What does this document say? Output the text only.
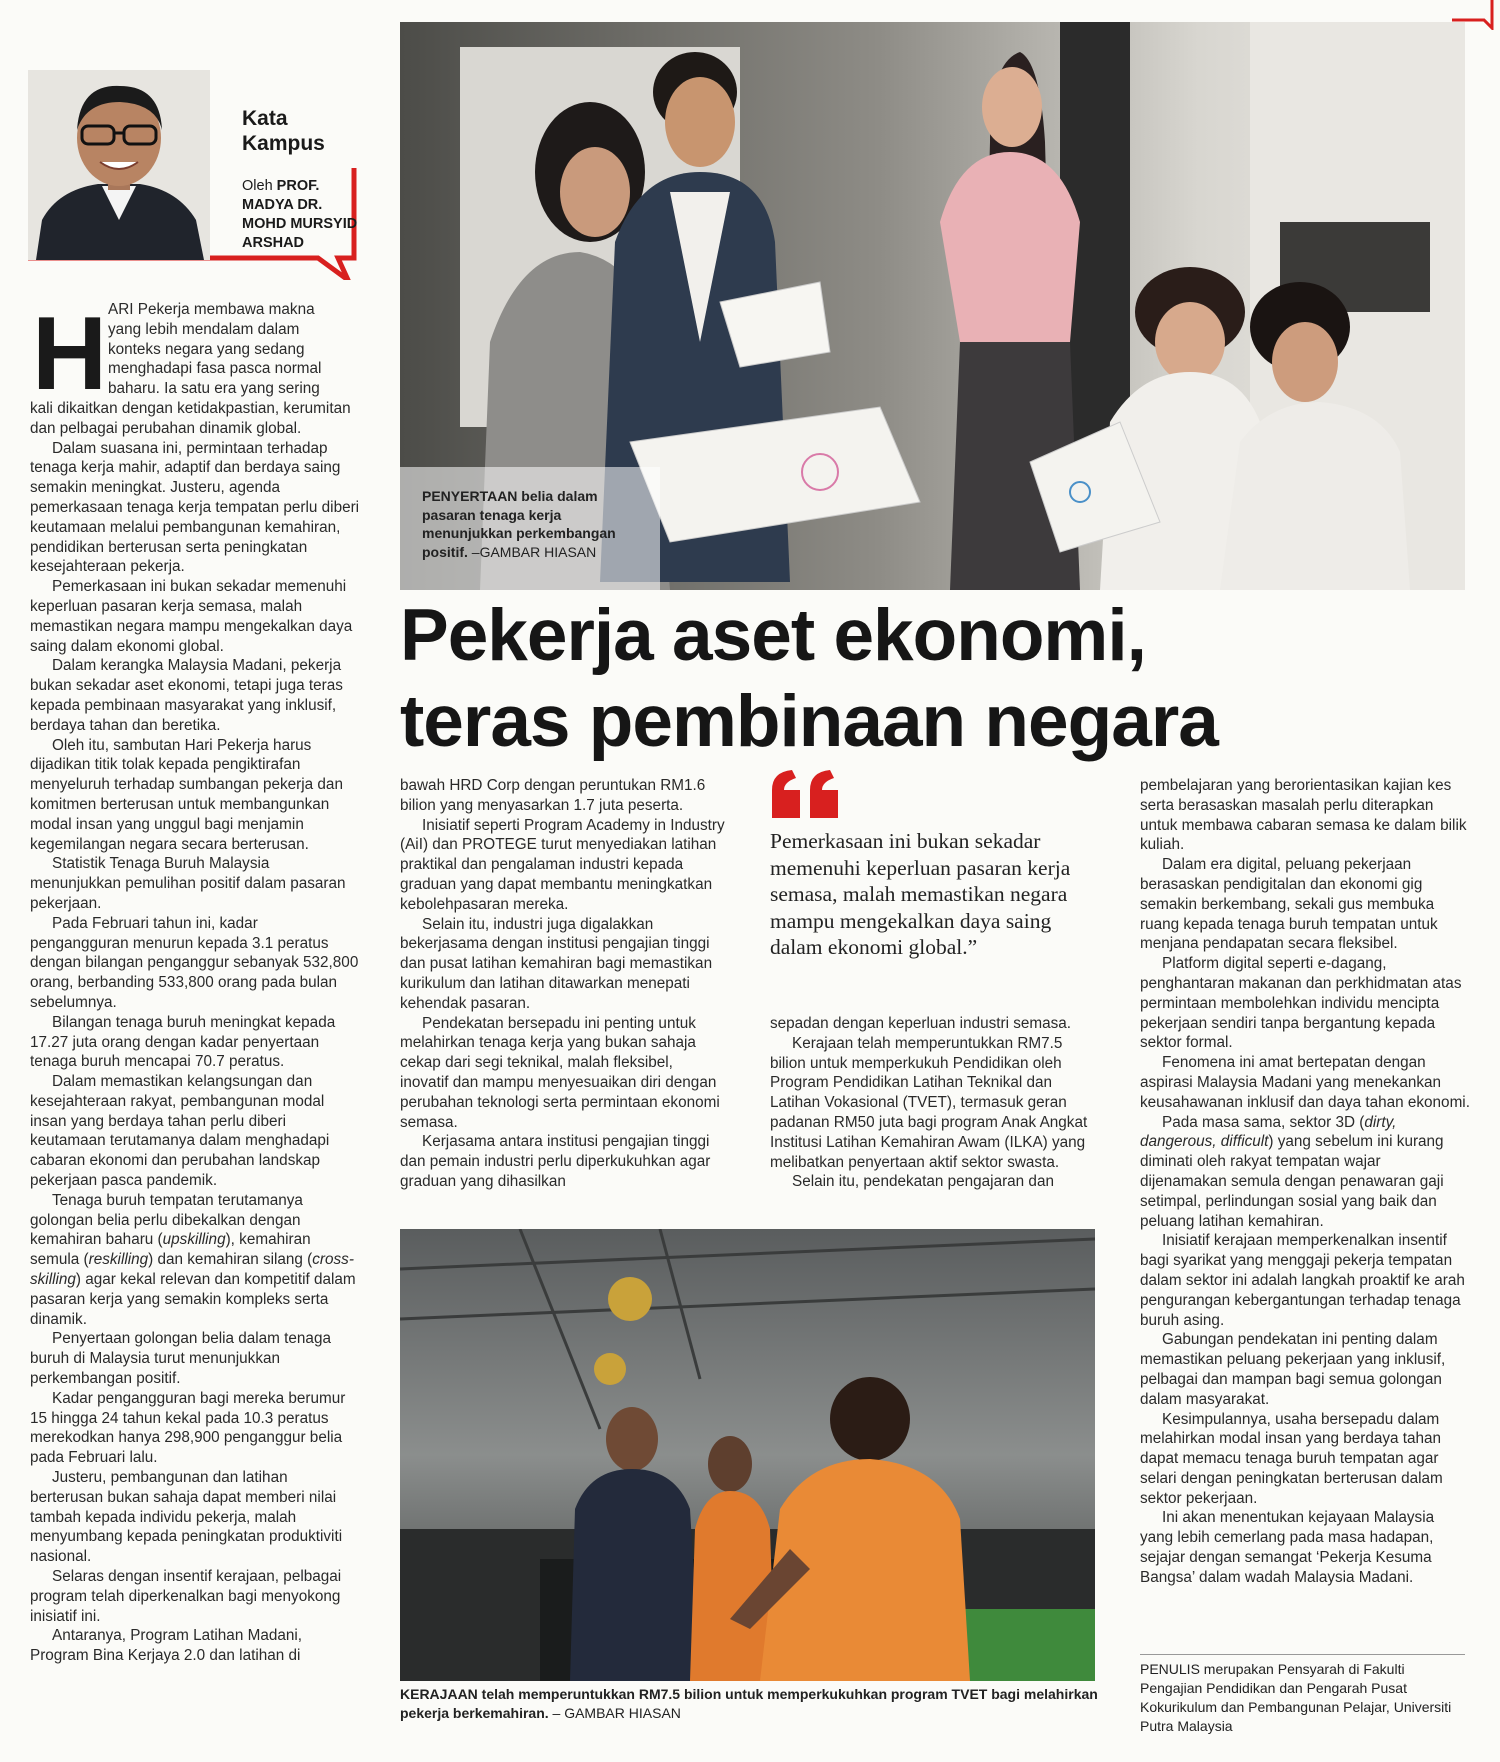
Kata
Kampus
Oleh PROF.
MADYA DR.
MOHD MURSYID
ARSHAD
PENYERTAAN belia dalam pasaran tenaga kerja menunjukkan perkembangan positif. –GAMBAR HIASAN
Pekerja aset ekonomi,
teras pembinaan negara
H ARI Pekerja membawa makna
yang lebih mendalam dalam
konteks negara yang sedang
menghadapi fasa pasca normal
baharu. Ia satu era yang sering

kali dikaitkan dengan ketidakpastian, kerumitan dan pelbagai perubahan dinamik global.

Dalam suasana ini, permintaan terhadap tenaga kerja mahir, adaptif dan berdaya saing semakin meningkat. Justeru, agenda pemerkasaan tenaga kerja tempatan perlu diberi keutamaan melalui pembangunan kemahiran, pendidikan berterusan serta peningkatan kesejahteraan pekerja.

Pemerkasaan ini bukan sekadar memenuhi keperluan pasaran kerja semasa, malah memastikan negara mampu mengekalkan daya saing dalam ekonomi global.

Dalam kerangka Malaysia Madani, pekerja bukan sekadar aset ekonomi, tetapi juga teras kepada pembinaan masyarakat yang inklusif, berdaya tahan dan beretika.

Oleh itu, sambutan Hari Pekerja harus dijadikan titik tolak kepada pengiktirafan menyeluruh terhadap sumbangan pekerja dan komitmen berterusan untuk membangunkan modal insan yang unggul bagi menjamin kegemilangan negara secara berterusan.

Statistik Tenaga Buruh Malaysia menunjukkan pemulihan positif dalam pasaran pekerjaan.

Pada Februari tahun ini, kadar pengangguran menurun kepada 3.1 peratus dengan bilangan penganggur sebanyak 532,800 orang, berbanding 533,800 orang pada bulan sebelumnya.

Bilangan tenaga buruh meningkat kepada 17.27 juta orang dengan kadar penyertaan tenaga buruh mencapai 70.7 peratus.

Dalam memastikan kelangsungan dan kesejahteraan rakyat, pembangunan modal insan yang berdaya tahan perlu diberi keutamaan terutamanya dalam menghadapi cabaran ekonomi dan perubahan landskap pekerjaan pasca pandemik.

Tenaga buruh tempatan terutamanya golongan belia perlu dibekalkan dengan kemahiran baharu (upskilling), kemahiran semula (reskilling) dan kemahiran silang (cross-skilling) agar kekal relevan dan kompetitif dalam pasaran kerja yang semakin kompleks serta dinamik.

Penyertaan golongan belia dalam tenaga buruh di Malaysia turut menunjukkan perkembangan positif.

Kadar pengangguran bagi mereka berumur 15 hingga 24 tahun kekal pada 10.3 peratus merekodkan hanya 298,900 penganggur belia pada Februari lalu.

Justeru, pembangunan dan latihan berterusan bukan sahaja dapat memberi nilai tambah kepada individu pekerja, malah menyumbang kepada peningkatan produktiviti nasional.

Selaras dengan insentif kerajaan, pelbagai program telah diperkenalkan bagi menyokong inisiatif ini.

Antaranya, Program Latihan Madani, Program Bina Kerjaya 2.0 dan latihan di

bawah HRD Corp dengan peruntukan RM1.6 bilion yang menyasarkan 1.7 juta peserta.

Inisiatif seperti Program Academy in Industry (AiI) dan PROTEGE turut menyediakan latihan praktikal dan pengalaman industri kepada graduan yang dapat membantu meningkatkan kebolehpasaran mereka.

Selain itu, industri juga digalakkan bekerjasama dengan institusi pengajian tinggi dan pusat latihan kemahiran bagi memastikan kurikulum dan latihan ditawarkan menepati kehendak pasaran.

Pendekatan bersepadu ini penting untuk melahirkan tenaga kerja yang bukan sahaja cekap dari segi teknikal, malah fleksibel, inovatif dan mampu menyesuaikan diri dengan perubahan teknologi serta permintaan ekonomi semasa.

Kerjasama antara institusi pengajian tinggi dan pemain industri perlu diperkukuhkan agar graduan yang dihasilkan

Pemerkasaan ini bukan sekadar memenuhi keperluan pasaran kerja semasa, malah memastikan negara mampu mengekalkan daya saing dalam ekonomi global.”

sepadan dengan keperluan industri semasa.

Kerajaan telah memperuntukkan RM7.5 bilion untuk memperkukuh Pendidikan oleh Program Pendidikan Latihan Teknikal dan Latihan Vokasional (TVET), termasuk geran padanan RM50 juta bagi program Anak Angkat Institusi Latihan Kemahiran Awam (ILKA) yang melibatkan penyertaan aktif sektor swasta.

Selain itu, pendekatan pengajaran dan

pembelajaran yang berorientasikan kajian kes serta berasaskan masalah perlu diterapkan untuk membawa cabaran semasa ke dalam bilik kuliah.

Dalam era digital, peluang pekerjaan berasaskan pendigitalan dan ekonomi gig semakin berkembang, sekali gus membuka ruang kepada tenaga buruh tempatan untuk menjana pendapatan secara fleksibel.

Platform digital seperti e-dagang, penghantaran makanan dan perkhidmatan atas permintaan membolehkan individu mencipta pekerjaan sendiri tanpa bergantung kepada sektor formal.

Fenomena ini amat bertepatan dengan aspirasi Malaysia Madani yang menekankan keusahawanan inklusif dan daya tahan ekonomi.

Pada masa sama, sektor 3D (dirty, dangerous, difficult) yang sebelum ini kurang diminati oleh rakyat tempatan wajar dijenamakan semula dengan penawaran gaji setimpal, perlindungan sosial yang baik dan peluang latihan kemahiran.

Inisiatif kerajaan memperkenalkan insentif bagi syarikat yang menggaji pekerja tempatan dalam sektor ini adalah langkah proaktif ke arah pengurangan kebergantungan terhadap tenaga buruh asing.

Gabungan pendekatan ini penting dalam memastikan peluang pekerjaan yang inklusif, pelbagai dan mampan bagi semua golongan dalam masyarakat.

Kesimpulannya, usaha bersepadu dalam melahirkan modal insan yang berdaya tahan dapat memacu tenaga buruh tempatan agar selari dengan peningkatan berterusan dalam sektor pekerjaan.

Ini akan menentukan kejayaan Malaysia yang lebih cemerlang pada masa hadapan, sejajar dengan semangat ‘Pekerja Kesuma Bangsa’ dalam wadah Malaysia Madani.

KERAJAAN telah memperuntukkan RM7.5 bilion untuk memperkukuhkan program TVET bagi melahirkan pekerja berkemahiran. – GAMBAR HIASAN
PENULIS merupakan Pensyarah di Fakulti Pengajian Pendidikan dan Pengarah Pusat Kokurikulum dan Pembangunan Pelajar, Universiti Putra Malaysia
